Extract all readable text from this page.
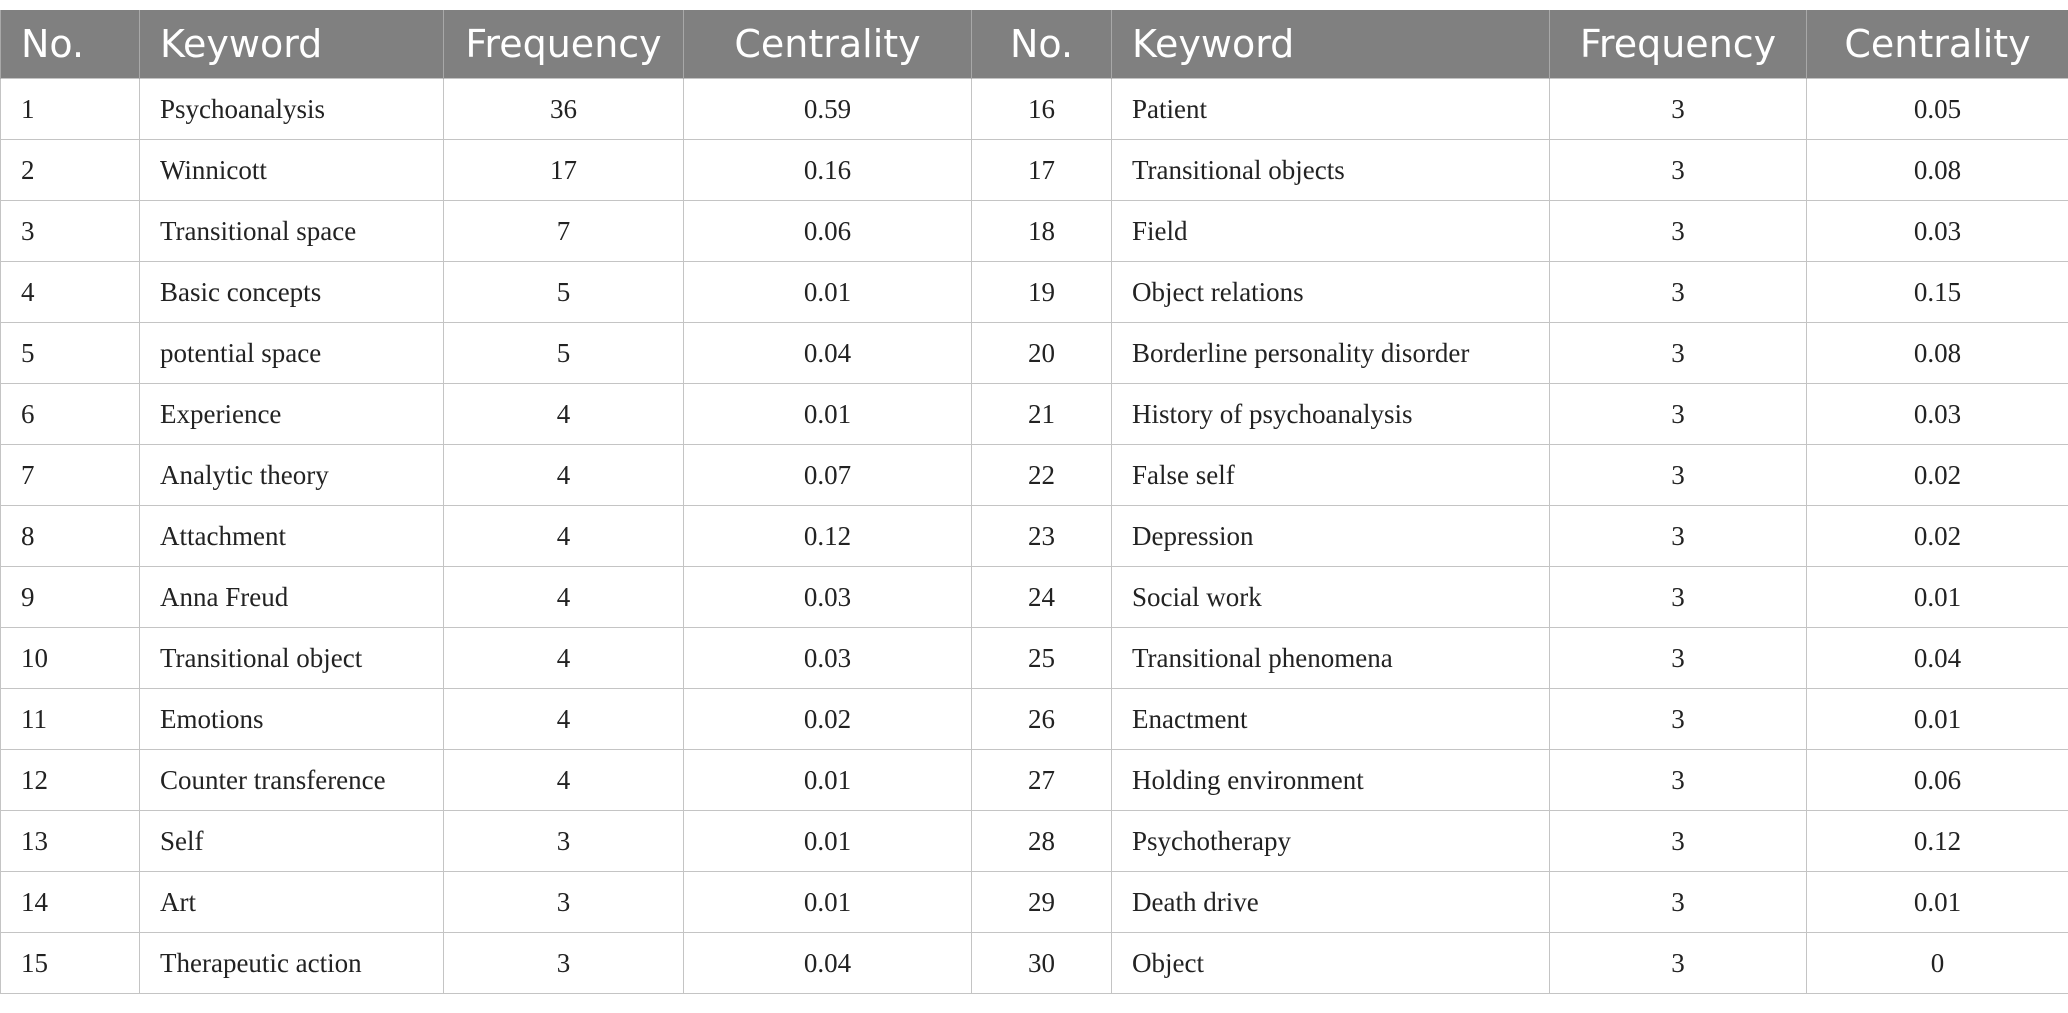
No.	Keyword	Frequency	Centrality	No.	Keyword	Frequency	Centrality
1	Psychoanalysis	36	0.59	16	Patient	3	0.05
2	Winnicott	17	0.16	17	Transitional objects	3	0.08
3	Transitional space	7	0.06	18	Field	3	0.03
4	Basic concepts	5	0.01	19	Object relations	3	0.15
5	potential space	5	0.04	20	Borderline personality disorder	3	0.08
6	Experience	4	0.01	21	History of psychoanalysis	3	0.03
7	Analytic theory	4	0.07	22	False self	3	0.02
8	Attachment	4	0.12	23	Depression	3	0.02
9	Anna Freud	4	0.03	24	Social work	3	0.01
10	Transitional object	4	0.03	25	Transitional phenomena	3	0.04
11	Emotions	4	0.02	26	Enactment	3	0.01
12	Counter transference	4	0.01	27	Holding environment	3	0.06
13	Self	3	0.01	28	Psychotherapy	3	0.12
14	Art	3	0.01	29	Death drive	3	0.01
15	Therapeutic action	3	0.04	30	Object	3	0
